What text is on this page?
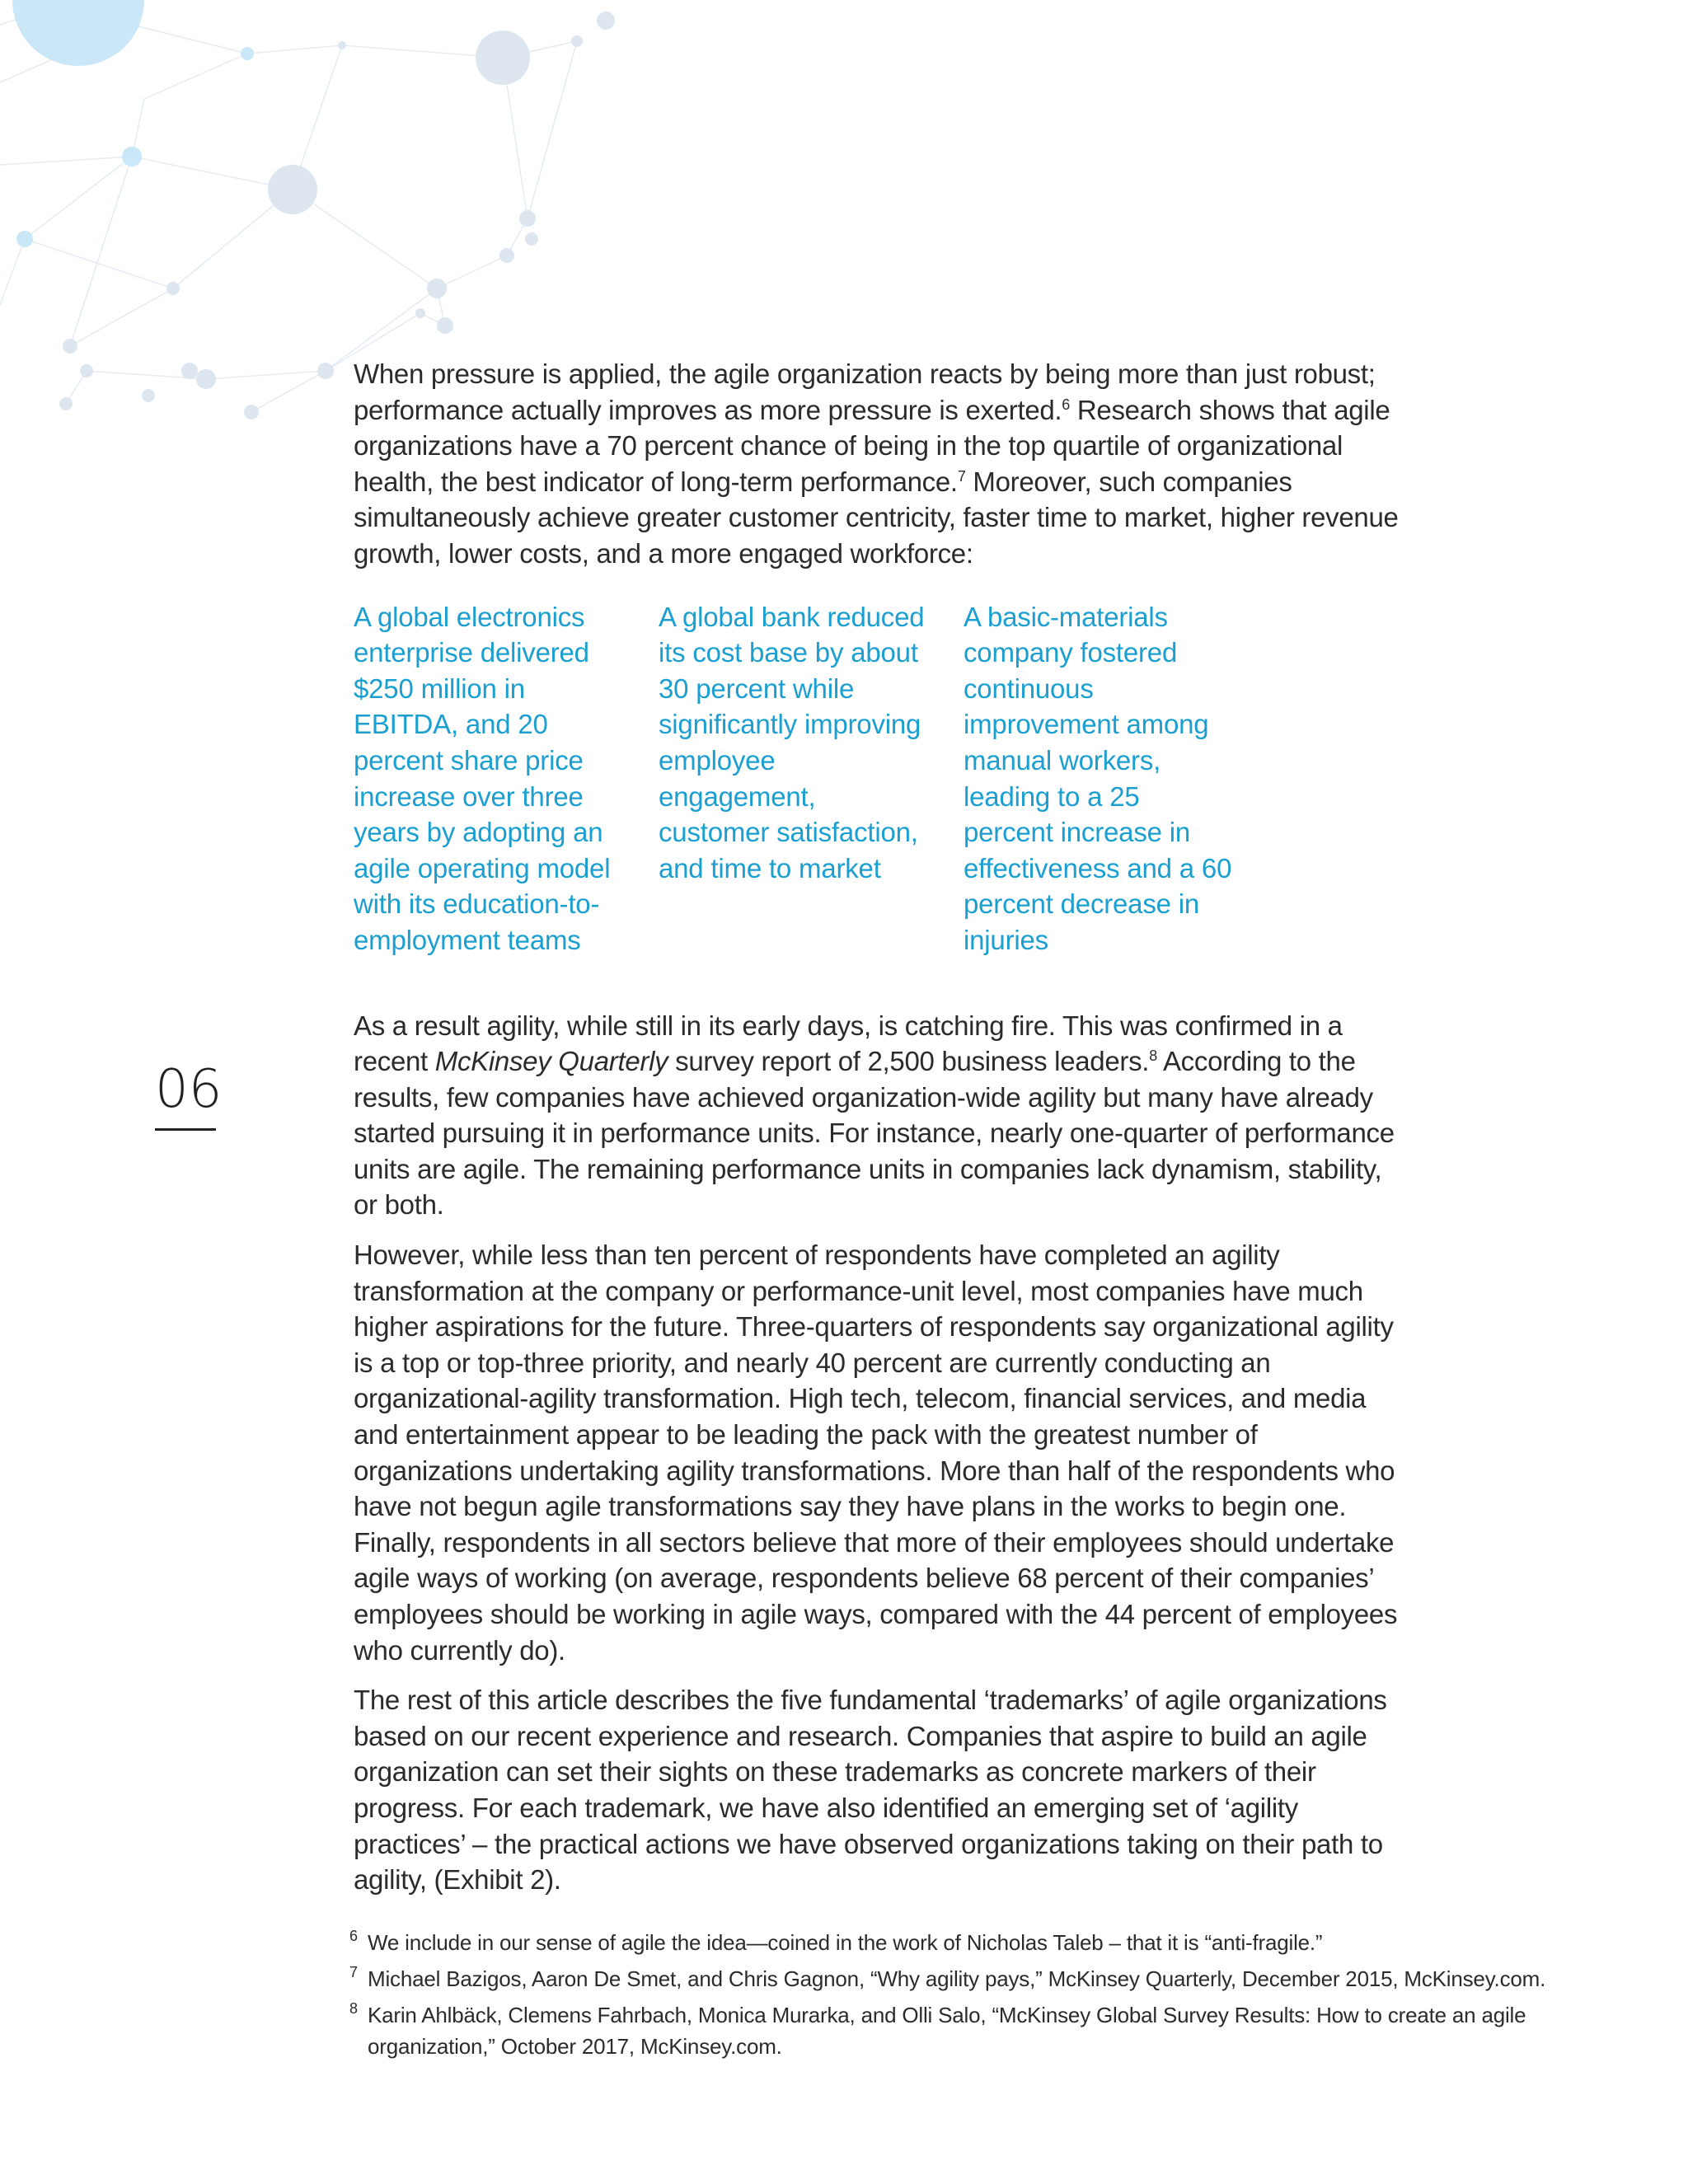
06

When pressure is applied, the agile organization reacts by being more than just robust; performance actually improves as more pressure is exerted.$^6$ Research shows that agile organizations have a 70 percent chance of being in the top quartile of organizational health, the best indicator of long-term performance.$^7$ Moreover, such companies simultaneously achieve greater customer centricity, faster time to market, higher revenue growth, lower costs, and a more engaged workforce:

A global electronics enterprise delivered $250 million in EBITDA, and 20 percent share price increase over three years by adopting an agile operating model with its education-to-employment teams
A global bank reduced its cost base by about 30 percent while significantly improving employee engagement, customer satisfaction, and time to market
A basic-materials company fostered continuous improvement among manual workers, leading to a 25 percent increase in effectiveness and a 60 percent decrease in injuries

As a result agility, while still in its early days, is catching fire. This was confirmed in a recent McKinsey Quarterly survey report of 2,500 business leaders.$^8$ According to the results, few companies have achieved organization-wide agility but many have already started pursuing it in performance units. For instance, nearly one-quarter of performance units are agile. The remaining performance units in companies lack dynamism, stability, or both.

However, while less than ten percent of respondents have completed an agility transformation at the company or performance-unit level, most companies have much higher aspirations for the future. Three-quarters of respondents say organizational agility is a top or top-three priority, and nearly 40 percent are currently conducting an organizational-agility transformation. High tech, telecom, financial services, and media and entertainment appear to be leading the pack with the greatest number of organizations undertaking agility transformations. More than half of the respondents who have not begun agile transformations say they have plans in the works to begin one. Finally, respondents in all sectors believe that more of their employees should undertake agile ways of working (on average, respondents believe 68 percent of their companies’ employees should be working in agile ways, compared with the 44 percent of employees who currently do).

The rest of this article describes the five fundamental ‘trademarks’ of agile organizations based on our recent experience and research. Companies that aspire to build an agile organization can set their sights on these trademarks as concrete markers of their progress. For each trademark, we have also identified an emerging set of ‘agility practices’ – the practical actions we have observed organizations taking on their path to agility, (Exhibit 2).

6 We include in our sense of agile the idea—coined in the work of Nicholas Taleb – that it is “anti-fragile.”
7 Michael Bazigos, Aaron De Smet, and Chris Gagnon, “Why agility pays,” McKinsey Quarterly, December 2015, McKinsey.com.
8 Karin Ahlbäck, Clemens Fahrbach, Monica Murarka, and Olli Salo, “McKinsey Global Survey Results: How to create an agile organization,” October 2017, McKinsey.com.
